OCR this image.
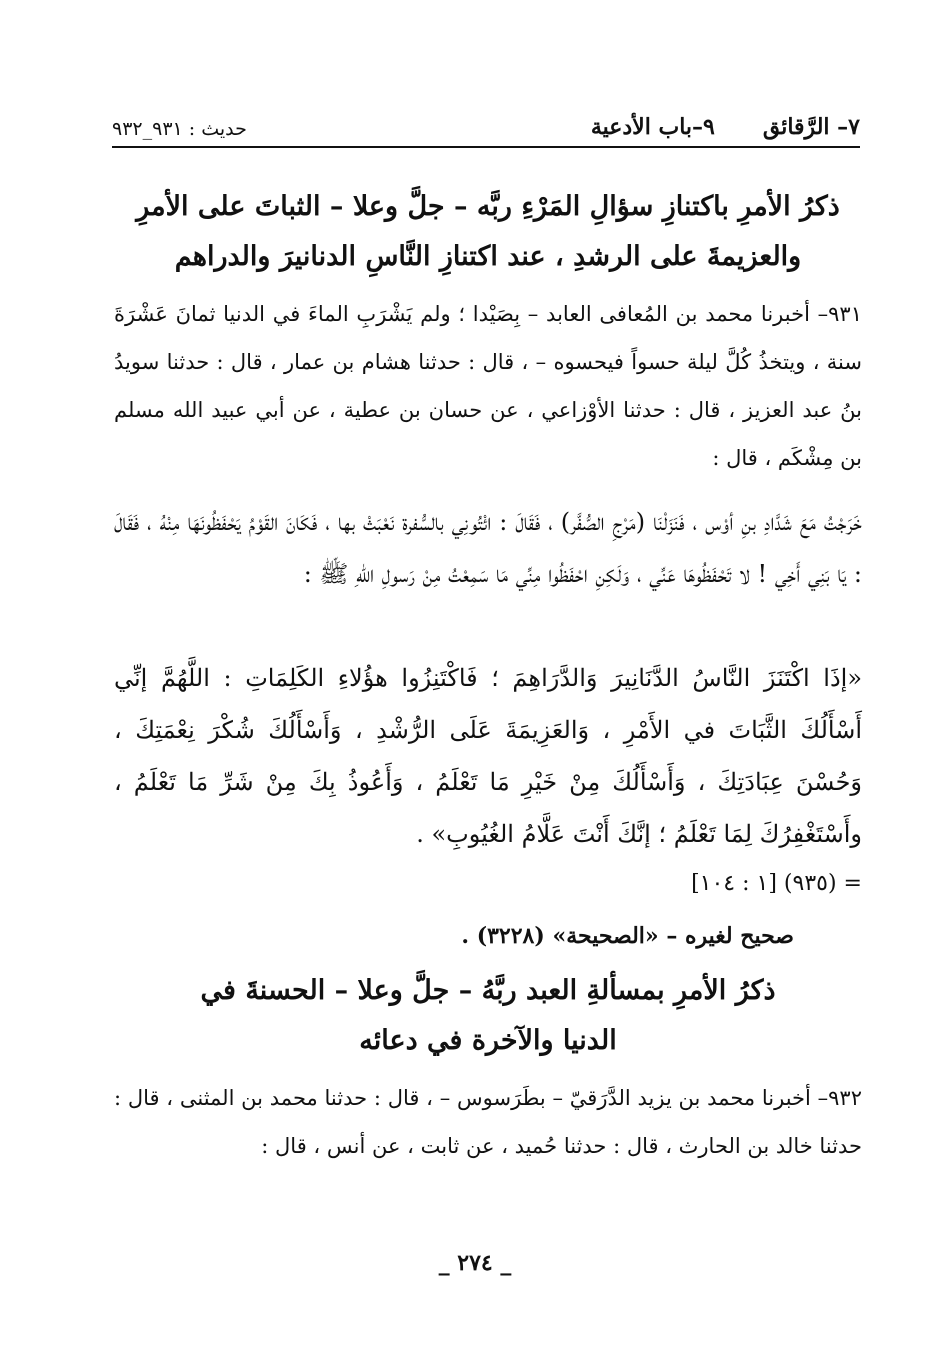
٧– الرَّقائق
٩–باب الأدعية
حديث : ٩٣١_٩٣٢
ذكرُ الأمرِ باكتنازِ سؤالِ المَرْءِ ربَّه – جلَّ وعلا – الثباتَ على الأمرِ
والعزيمةَ على الرشدِ ، عند اكتنازِ النَّاسِ الدنانيرَ والدراهم
٩٣١– أخبرنا محمد بن المُعافى العابد – بِصَيْدا ؛ ولم يَشْرَبِ الماءَ في الدنيا ثمانَ عَشْرَةَ سنة ، ويتخذُ كُلَّ ليلة حسواً فيحسوه – ، قال : حدثنا هشام بن عمار ، قال : حدثنا سويدُ بنُ عبد العزيز ، قال : حدثنا الأوْزاعي ، عن حسان بن عطية ، عن أبي عبيد الله مسلم بن مِشْكَم ، قال :
خَرَجْتُ مَعَ شَدَّادِ بنِ أوْس ، فَنَزَلْنَا (مَرْجِ الصُّفَّر) ، فَقَالَ : ائْتُونِي بالسُّفرة نَعْبَثْ بها ، فَكَانَ القَوْمُ يَحْفَظُونَهَا مِنْهُ ، فَقَالَ : يَا بَنِي أَخِي ! لا تَحْفَظُوهَا عَنِّي ، وَلَكِنِ احْفَظُوا مِنِّي مَا سَمِعْتُ مِنْ رَسولِ اللّهِ ﷺ :
«إذَا اكْتَنَزَ النَّاسُ الدَّنَانِيرَ وَالدَّرَاهِمَ ؛ فَاكْتَنِزُوا هؤُلاءِ الكَلِمَاتِ : اللَّهُمَّ إنِّي أَسْأَلُكَ الثَّبَاتَ في الأَمْرِ ، وَالعَزِيمَةَ عَلَى الرُّشْدِ ، وَأَسْأَلُكَ شُكْرَ نِعْمَتِكَ ، وَحُسْنَ عِبَادَتِكَ ، وَأَسْأَلُكَ مِنْ خَيْرِ مَا تَعْلَمُ ، وَأَعُوذُ بِكَ مِنْ شَرِّ مَا تَعْلَمُ ، وأَسْتَغْفِرُكَ لِمَا تَعْلَمُ ؛ إنَّكَ أَنْتَ عَلَّامُ الغُيُوبِ» .
= (٩٣٥) [١ : ١٠٤]
صحيح لغيره – «الصحيحة» (٣٢٢٨) .
ذكرُ الأمرِ بمسألةِ العبد ربَّهُ – جلَّ وعلا – الحسنةَ في
الدنيا والآخرة في دعائه
٩٣٢– أخبرنا محمد بن يزيد الدَّرَقيّ – بطَرَسوس – ، قال : حدثنا محمد بن المثنى ، قال : حدثنا خالد بن الحارث ، قال : حدثنا حُميد ، عن ثابت ، عن أنس ، قال :
_ ٢٧٤ _
